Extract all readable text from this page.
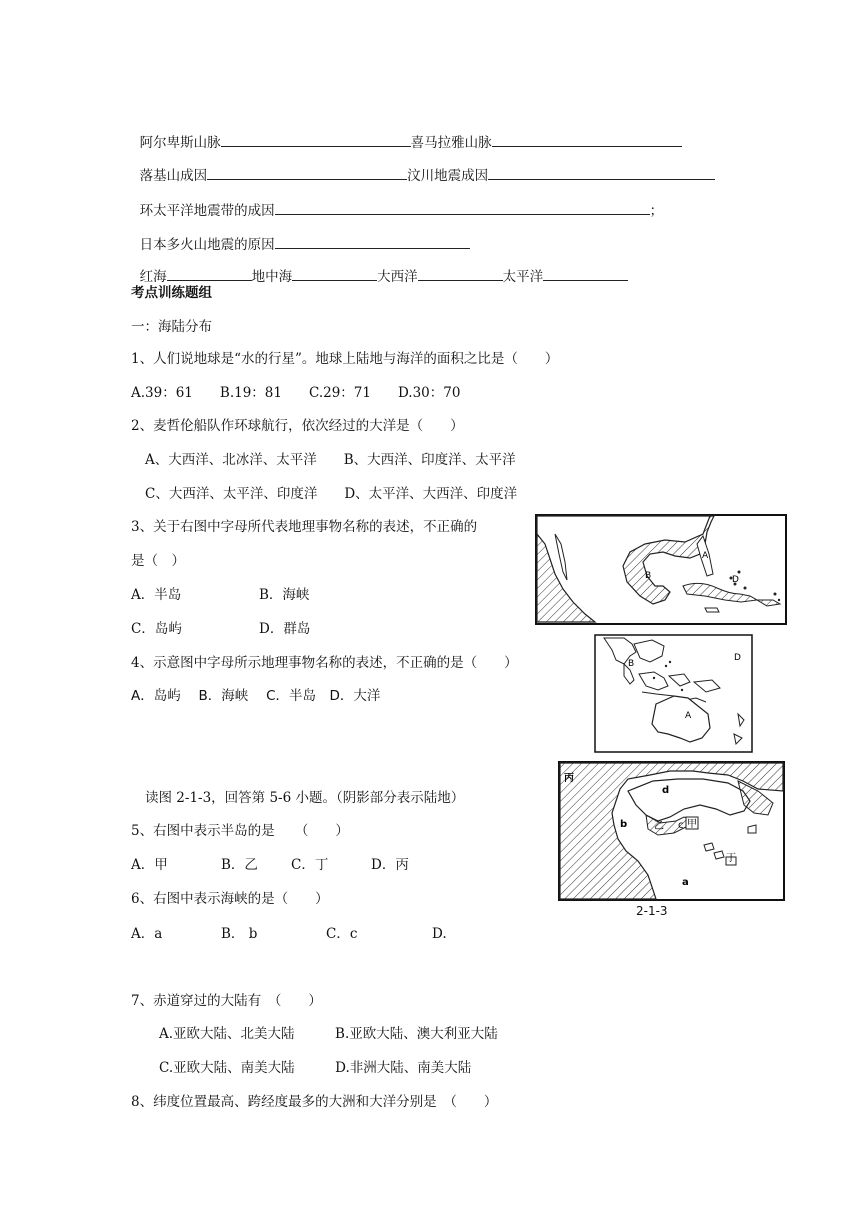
阿尔卑斯山脉	喜马拉雅山脉

落基山成因	汶川地震成因

环太平洋地震带的成因	；

日本多火山地震的原因

红海	地中海	大西洋	太平洋

考点训练题组
一：海陆分布
1、人们说地球是“水的行星”。地球上陆地与海洋的面积之比是（　　）
A.39：61　　B.19：81　　C.29：71　　D.30：70
2、麦哲伦船队作环球航行，依次经过的大洋是（　　）
A、大西洋、北冰洋、太平洋　　B、大西洋、印度洋、太平洋
C、大西洋、太平洋、印度洋　　D、太平洋、大西洋、印度洋
3、关于右图中字母所代表地理事物名称的表述，不正确的
是（　）
A．半岛	B．海峡
C．岛屿	D．群岛
4、示意图中字母所示地理事物名称的表述，不正确的是（　　）
A．岛屿　 B．海峡　 C．半岛　D．大洋
读图 2-1-3，回答第 5-6 小题。（阴影部分表示陆地）
5、右图中表示半岛的是　　（　　）
A．甲	B．乙 C．丁	D．丙
6、右图中表示海峡的是（　　）
A．a	B． b	C．c	D.
7、赤道穿过的大陆有　（　　）
A.亚欧大陆、北美大陆　　　B.亚欧大陆、澳大利亚大陆
C.亚欧大陆、南美大陆　　　D.非洲大陆、南美大陆
8、纬度位置最高、跨经度最多的大洲和大洋分别是　（　　）
A
B	D
B
A
D
丙
d
b	乙 c 甲
丁
a
2-1-3
